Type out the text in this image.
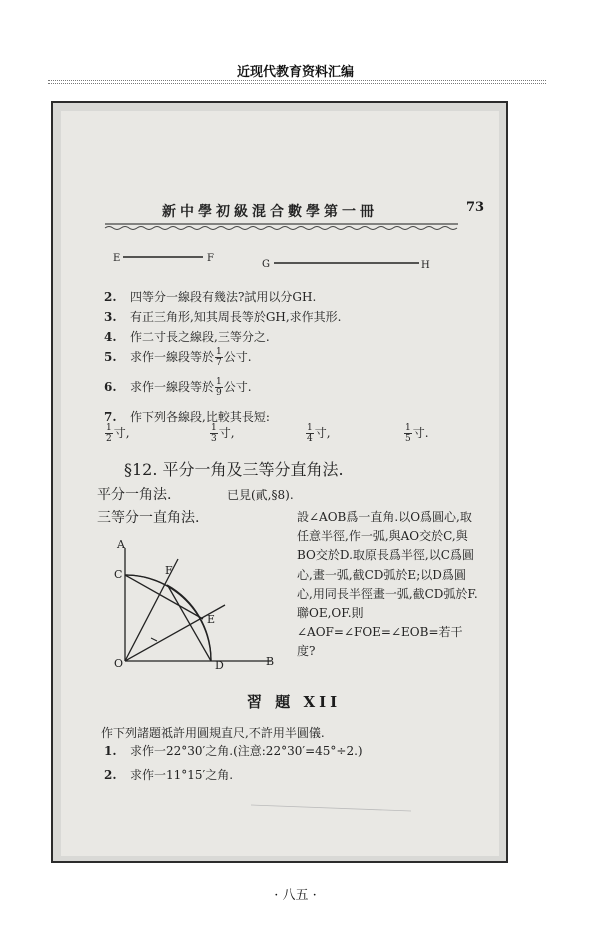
近现代教育资料汇编
新中學初級混合數學第一冊	73
2. 四等分一線段有幾法?試用以分GH.
3. 有正三角形,知其周長等於GH,求作其形.
4. 作二寸長之線段,三等分之.
5. 求作一線段等於 $\frac{1}{7}$ 公寸.
6. 求作一線段等於 $\frac{1}{9}$ 公寸.
7. 作下列各線段,比較其長短:
$\frac{1}{2}$ 寸,	$\frac{1}{3}$ 寸,	$\frac{1}{4}$ 寸,	$\frac{1}{5}$ 寸.
§12. 平分一角及三等分直角法.
平分一角法.	已見(貳,§8).
三等分一直角法.	設∠AOB爲一直角.以O爲圓心,取任意半徑,作一弧,與AO交於C,與BO交於D.取原長爲半徑,以C爲圓心,畫一弧,截CD弧於E;以D爲圓心,用同長半徑畫一弧,截CD弧於F.聯OE,OF.則∠AOF=∠FOE=∠EOB=若干度?
習 題 XII
作下列諸題祗許用圓規直尺,不許用半圓儀.
1. 求作一22°30′之角.(注意:22°30′=45°÷2.)
2. 求作一11°15′之角.
E	F
G	H
A
B
C
D
E
F
O
· 八五 ·
